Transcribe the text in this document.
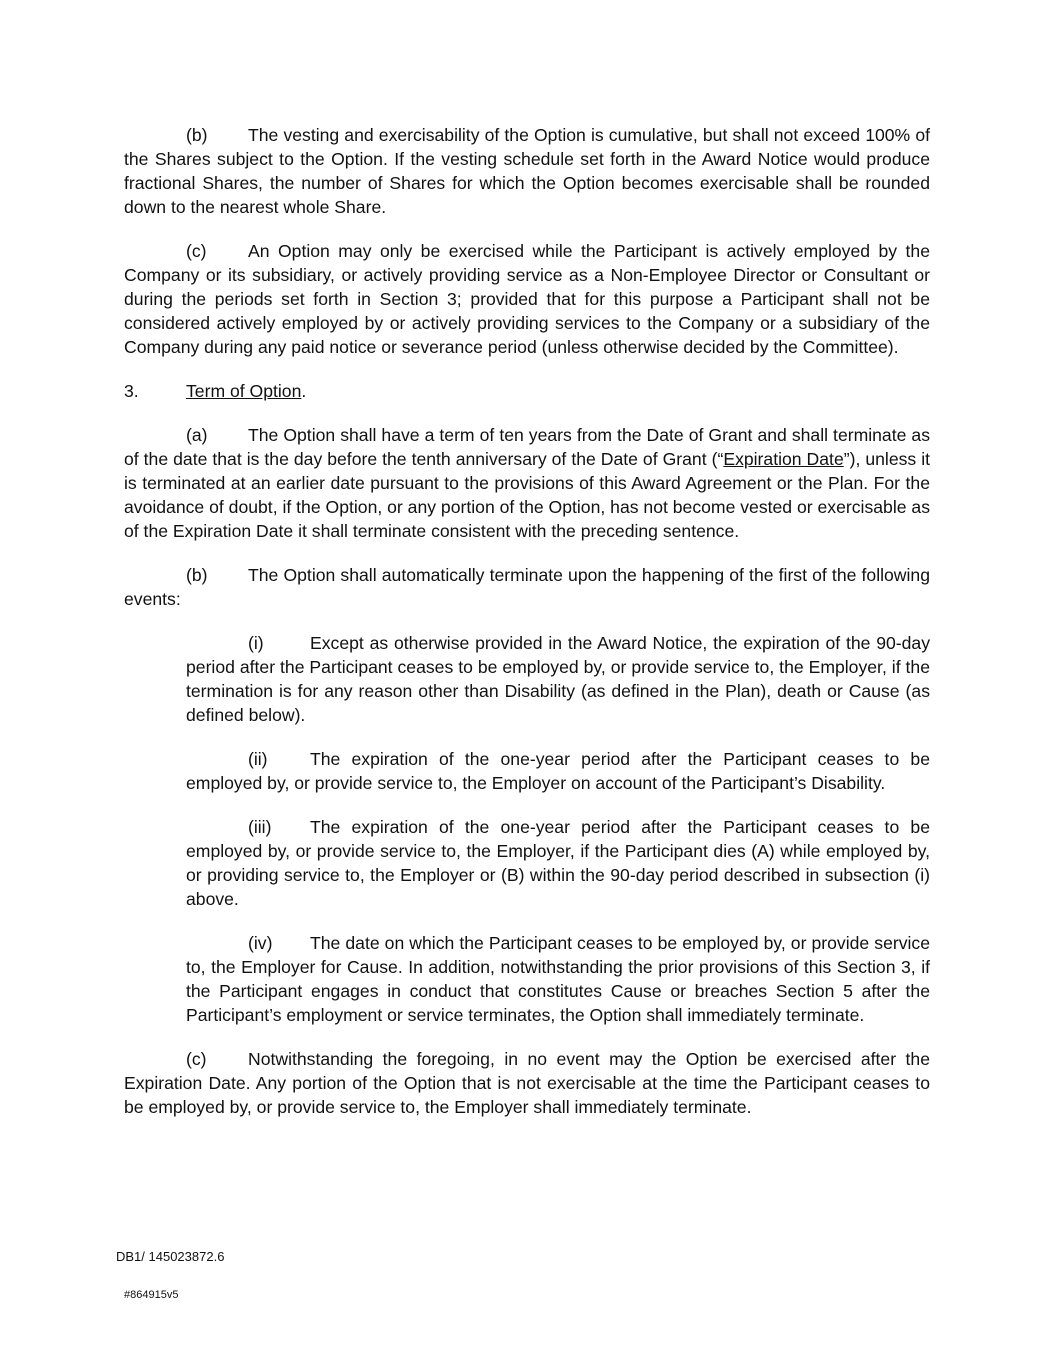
(b) The vesting and exercisability of the Option is cumulative, but shall not exceed 100% of the Shares subject to the Option. If the vesting schedule set forth in the Award Notice would produce fractional Shares, the number of Shares for which the Option becomes exercisable shall be rounded down to the nearest whole Share.

(c) An Option may only be exercised while the Participant is actively employed by the Company or its subsidiary, or actively providing service as a Non-Employee Director or Consultant or during the periods set forth in Section 3; provided that for this purpose a Participant shall not be considered actively employed by or actively providing services to the Company or a subsidiary of the Company during any paid notice or severance period (unless otherwise decided by the Committee).

3.	Term of Option.

(a) The Option shall have a term of ten years from the Date of Grant and shall terminate as of the date that is the day before the tenth anniversary of the Date of Grant (“Expiration Date”), unless it is terminated at an earlier date pursuant to the provisions of this Award Agreement or the Plan. For the avoidance of doubt, if the Option, or any portion of the Option, has not become vested or exercisable as of the Expiration Date it shall terminate consistent with the preceding sentence.

(b) The Option shall automatically terminate upon the happening of the first of the following events:

(i)	Except as otherwise provided in the Award Notice, the expiration of the 90-day period after the Participant ceases to be employed by, or provide service to, the Employer, if the termination is for any reason other than Disability (as defined in the Plan), death or Cause (as defined below).

(ii) The expiration of the one-year period after the Participant ceases to be employed by, or provide service to, the Employer on account of the Participant’s Disability.

(iii) The expiration of the one-year period after the Participant ceases to be employed by, or provide service to, the Employer, if the Participant dies (A) while employed by, or providing service to, the Employer or (B) within the 90-day period described in subsection (i) above.

(iv) The date on which the Participant ceases to be employed by, or provide service to, the Employer for Cause. In addition, notwithstanding the prior provisions of this Section 3, if the Participant engages in conduct that constitutes Cause or breaches Section 5 after the Participant’s employment or service terminates, the Option shall immediately terminate.

(c) Notwithstanding the foregoing, in no event may the Option be exercised after the Expiration Date. Any portion of the Option that is not exercisable at the time the Participant ceases to be employed by, or provide service to, the Employer shall immediately terminate.

DB1/ 145023872.6
#864915v5
